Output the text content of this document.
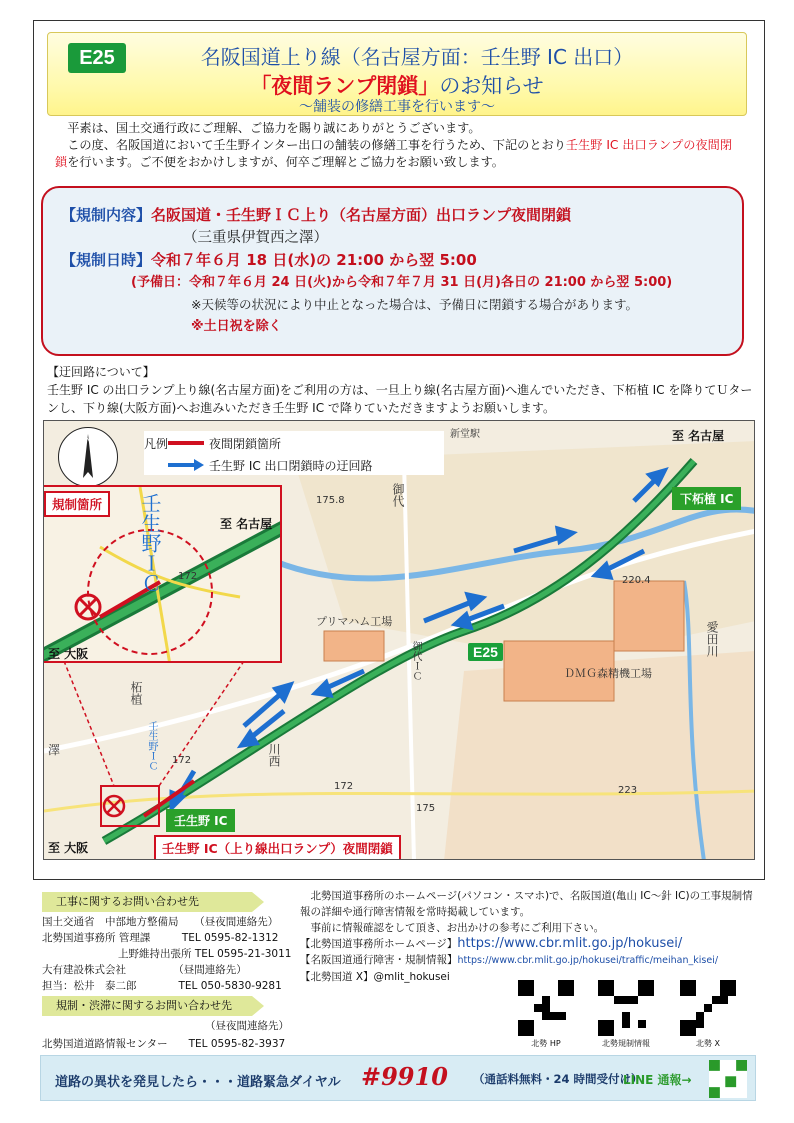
E25	名阪国道上り線（名古屋方面：壬生野 IC 出口）
「夜間ランプ閉鎖」のお知らせ
～舗装の修繕工事を行います～

平素は、国土交通行政にご理解、ご協力を賜り誠にありがとうございます。

この度、名阪国道において壬生野インター出口の舗装の修繕工事を行うため、下記のとおり壬生野 IC 出口ランプの夜間閉鎖を行います。ご不便をおかけしますが、何卒ご理解とご協力をお願い致します。

【規制内容】名阪国道・壬生野ＩＣ上り（名古屋方面）出口ランプ夜間閉鎖
（三重県伊賀西之澤）
【規制日時】令和７年６月 18 日(水)の 21:00 から翌 5:00
(予備日：令和７年６月 24 日(火)から令和７年７月 31 日(月)各日の 21:00 から翌 5:00)
※天候等の状況により中止となった場合は、予備日に閉鎖する場合があります。
※土日祝を除く
【迂回路について】
壬生野 IC の出口ランプ上り線(名古屋方面)をご利用の方は、一旦上り線(名古屋方面)へ進んでいただき、下柘植 IC を降りてＵターンし、下り線(大阪方面)へお進みいただき壬生野 IC で降りていただきますようお願いします。
N	凡例	夜間閉鎖箇所
壬生野 IC 出口閉鎖時の迂回路
規制箇所
至 名古屋
至 大阪
172
壬生野ＩＣ
至 名古屋
至 大阪
下柘植 IC
壬生野 IC
壬生野 IC（上り線出口ランプ）夜間閉鎖
E25
プリマハム工場
ＤＭＧ森精機工場
御代ＩＣ
新堂駅
御代
川西
柘植
愛田川
澤	壬生野ＩＣ
175.8
220.4
172
223
172
175
工事に関するお問い合わせ先
国土交通省　中部地方整備局　　（昼夜間連絡先）
北勢国道事務所 管理課　　　TEL 0595-82-1312
上野維持出張所 TEL 0595-21-3011
大有建設株式会社　　　　　（昼間連絡先）
担当：松井　泰二郎　　　　TEL 050-5830-9281
規制・渋滞に関するお問い合わせ先
（昼夜間連絡先）
北勢国道道路情報センター　　TEL 0595-82-3937
北勢国道事務所のホームページ(パソコン・スマホ)で、名阪国道(亀山 IC～針 IC)の工事規制情報の詳細や通行障害情報を常時掲載しています。
事前に情報確認をして頂き、お出かけの参考にご利用下さい。
【北勢国道事務所ホームページ】https://www.cbr.mlit.go.jp/hokusei/
【名阪国道通行障害・規制情報】https://www.cbr.mlit.go.jp/hokusei/traffic/meihan_kisei/
【北勢国道 X】@mlit_hokusei
北勢 HP	北勢規制情報	北勢 X
道路の異状を発見したら・・・道路緊急ダイヤル #9910 （通話料無料・24 時間受付け）
LINE 通報→
